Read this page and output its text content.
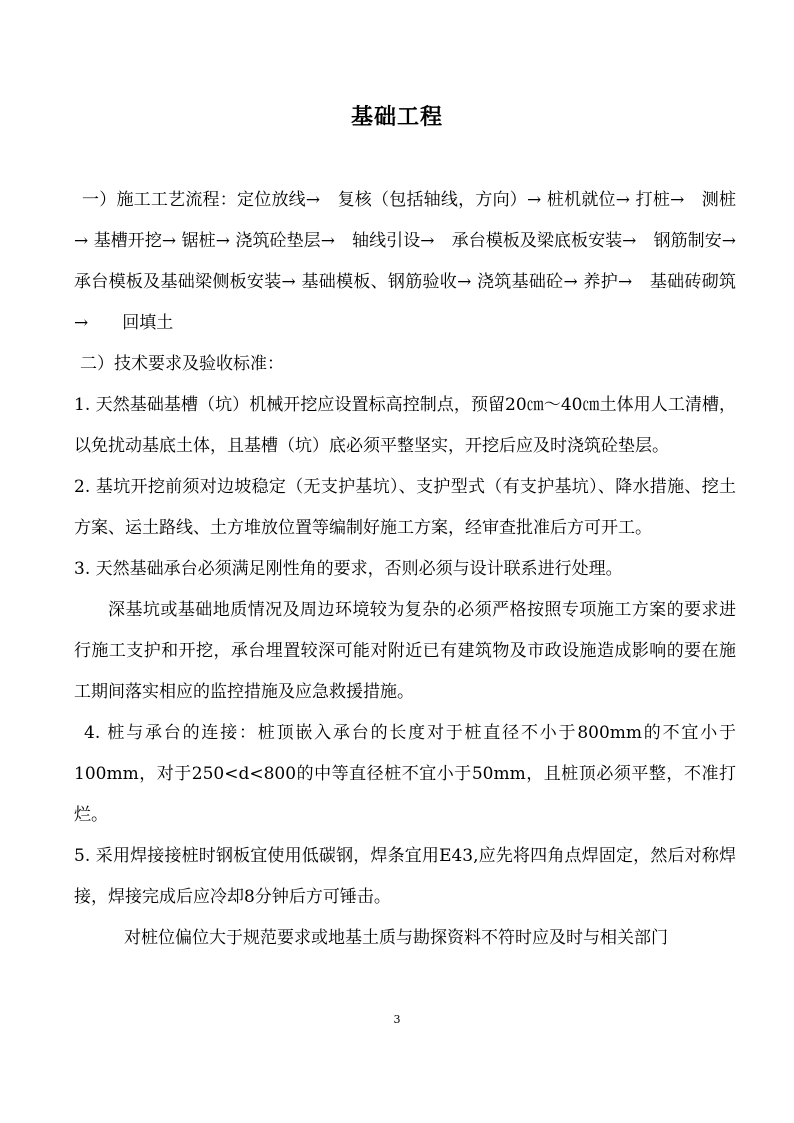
基础工程

一）施工工艺流程：定位放线→　复核（包括轴线，方向）→ 桩机就位→ 打桩→　测桩→ 基槽开挖→ 锯桩→ 浇筑砼垫层→　轴线引设→　承台模板及梁底板安装→　钢筋制安→　承台模板及基础梁侧板安装→ 基础模板、钢筋验收→ 浇筑基础砼→ 养护→　基础砖砌筑→　　回填土

二）技术要求及验收标准：

1. 天然基础基槽（坑）机械开挖应设置标高控制点，预留20㎝～40㎝土体用人工清槽，以免扰动基底土体，且基槽（坑）底必须平整坚实，开挖后应及时浇筑砼垫层。

2. 基坑开挖前须对边坡稳定（无支护基坑）、支护型式（有支护基坑）、降水措施、挖土方案、运土路线、土方堆放位置等编制好施工方案，经审查批准后方可开工。

3. 天然基础承台必须满足刚性角的要求，否则必须与设计联系进行处理。

深基坑或基础地质情况及周边环境较为复杂的必须严格按照专项施工方案的要求进行施工支护和开挖，承台埋置较深可能对附近已有建筑物及市政设施造成影响的要在施工期间落实相应的监控措施及应急救援措施。

4. 桩与承台的连接：桩顶嵌入承台的长度对于桩直径不小于800mm的不宜小于100mm，对于250<d<800的中等直径桩不宜小于50mm，且桩顶必须平整，不准打烂。

5. 采用焊接接桩时钢板宜使用低碳钢，焊条宜用E43,应先将四角点焊固定，然后对称焊接，焊接完成后应冷却8分钟后方可锤击。

对桩位偏位大于规范要求或地基土质与勘探资料不符时应及时与相关部门

3
